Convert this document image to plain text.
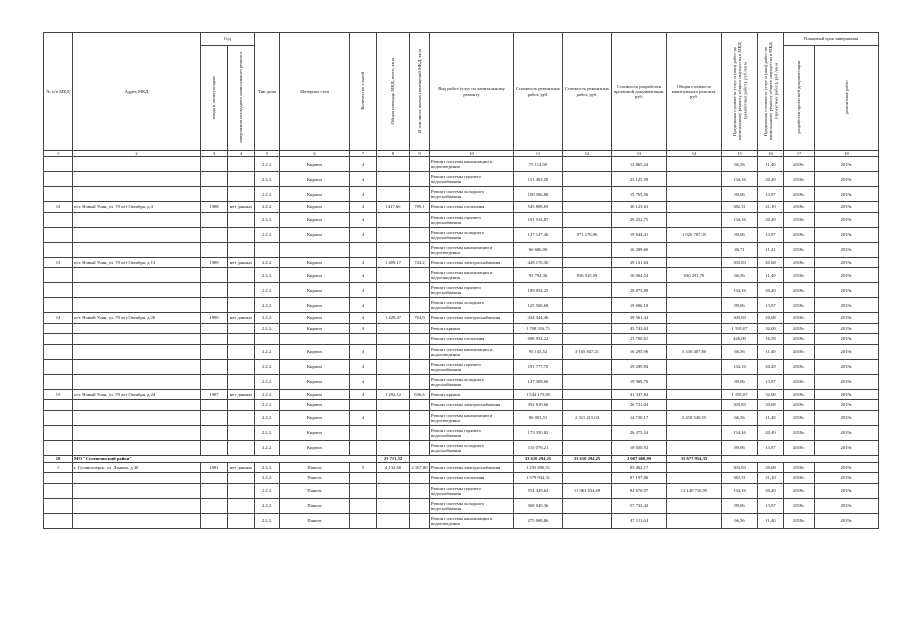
№ п/п МКД	Адрес МКД	Год		Тип дома	Материал стен	Количество этажей	Общая площадь МКД, всего, кв.м	В том числе жилых помещений МКД, кв.м	Вид работ/услуг по капитальному ремонту	Стоимость ремонтных работ, руб.	Стоимость ремонтных работ, руб.	Стоимость разработки проектной документации, руб.	Общая стоимость капитального ремонта, руб.	Предельная стоимость услуг и (или) работ по капитальному ремонту общего имущества в МКД (ремонтных работ), руб./кв.м	Предельная стоимость услуг и (или) работ по капитальному ремонту общего имущества в МКД (проектных работ), руб./кв.м	Плановый срок завершения	
		ввода в эксплуатацию	завершения последнего капитального ремонта													разработки проектной документации	ремонтных работ
1	2	3	4	5	6	7	8	9	10	11	12	13	14	15	16	17	18
				2.2.2.	Кирпич	4			Ремонт системы канализации и водоотведения	75 114,90		12 865,24		66,56	11,40	2018г.	2019г.
				2.2.2.	Кирпич	4			Ремонт системы горячего водоснабжения	151 403,58		23 125,58		134,16	20,49	2018г.	2019г.
				2.2.2.	Кирпич	4			Ремонт системы холодного водоснабжения	100 506,88		15 765,56		89,06	13,97	2018г.	2019г.
12	пгт. Новый Уоян, ул. 70 лет Октября, д.4	1988	нет данных	2.2.2.	Кирпич	4	1427,66	789,1	Ремонт системы отопления	545 808,69		30 123,63		382,31	21,10	2018г.	2019г.
				2.2.2.	Кирпич	4			Ремонт системы горячего водоснабжения	191 534,87		29 252,75		134,16	20,49	2018г.	2019г.
				2.2.2.	Кирпич	4			Ремонт системы холодного водоснабжения	127 147,40	971 176,96	19 944,41	1 026 787,35	89,06	13,97	2018г.	2019г.
									Ремонт системы канализации и водоотведения	66 686,00		16 289,60		46,71	11,41	2018г.	2019г.
13	пгт. Новый Уоян, ул. 70 лет Октября, д.13	1989	нет данных	2.2.2.	Кирпич	4	1 409,17	743,2	Ремонт системы электроснабжения	428 176,30		29 141,64		303,83	20,68	2018г.	2019г.
				2.2.2.	Кирпич	4			Ремонт системы канализации и водоотведения	93 794,36	836 525,59	16 064,54	930 291,76	66,56	11,40	2018г.	2019г.
				2.2.2.	Кирпич	4			Ремонт системы горячего водоснабжения	189 054,25		28 873,89		134,16	20,49	2018г.	2019г.
				2.2.2.	Кирпич	4			Ремонт системы холодного водоснабжения	125 500,68		19 686,10		89,06	13,97	2018г.	2019г.
14	пгт. Новый Уоян, ул. 70 лет Октября, д.26	1990	нет данных	2.2.2.	Кирпич	4	1 429,47	763,9	Ремонт системы электроснабжения	434 344,46		29 561,44		303,83	20,68	2018г.	2019г.
				2.2.2.	Кирпич	4			Ремонт крыши	1 708 316,71		45 743,04		1 195,07	32,00	2018г.	2019г.
									Ремонт системы отопления	608 934,22		23 700,61		426,00	16,58	2018г.	2019г.
				2.2.2.	Кирпич	4			Ремонт системы канализации и водоотведения	95 145,52	3 165 847,21	16 295,96	3 330 407,80	66,56	11,40	2018г.	2019г.
				2.2.2.	Кирпич	4			Ремонт системы горячего водоснабжения	191 777,70		29 289,84		134,16	20,49	2018г.	2019г.
				2.2.2.	Кирпич	4			Ремонт системы холодного водоснабжения	127 308,60		19 969,70		89,06	13,97	2018г.	2019г.
15	пгт. Новый Уоян, ул. 70 лет Октября, д.24	1987	нет данных	2.2.2.	Кирпич	4	1 292,12	636,6	Ремонт крыши	1 544 173,85		41 347,84		1 195,07	32,00	2018г.	2019г.
				2.2.2.	Кирпич				Ремонт системы электроснабжения	392 610,66		26 721,04		303,83	20,68	2018г.	2019г.
				2.2.2.	Кирпич	4			Ремонт системы канализации и водоотведения	86 003,51	2 311 215,04	14 730,17	2 418 540,55	66,56	11,40	2018г.	2019г.
				2.2.2.	Кирпич				Ремонт системы горячего водоснабжения	173 350,82		26 475,34		134,16	20,49	2018г.	2019г.
				2.2.2.	Кирпич				Ремонт системы холодного водоснабжения	115 076,21		18 050,92		89,06	13,97	2018г.	2019г.
10	МО "Селенгинский район"						25 713,52			33 610 294,25	33 610 294,25	2 067 660,09	35 677 954,35				
1	г. Гусиноозерск, ул. Ленина, д.30	1981	нет данных	2.2.2.	Панель	5	4 132,60	2 167,80	Ремонт системы электроснабжения	1 255 690,51		85 462,17		303,83	20,68	2018г.	2019г.
				2.2.2.	Панель				Ремонт системы отопления	1 579 934,31		87 197,86		382,31	21,10	2018г.	2019г.
				2.2.2.	Панель				Ремонт системы горячего водоснабжения	554 429,62	11 963 634,69	84 676,97	12 140 710,95	134,16	20,49	2018г.	2019г.
				2.2.2.	Панель				Ремонт системы холодного водоснабжения	368 049,36		57 732,42		89,06	13,97	2018г.	2019г.
				2.2.2.	Панель				Ремонт системы канализации и водоотведения	275 068,86		47 111,64		66,56	11,40	2018г.	2019г.
